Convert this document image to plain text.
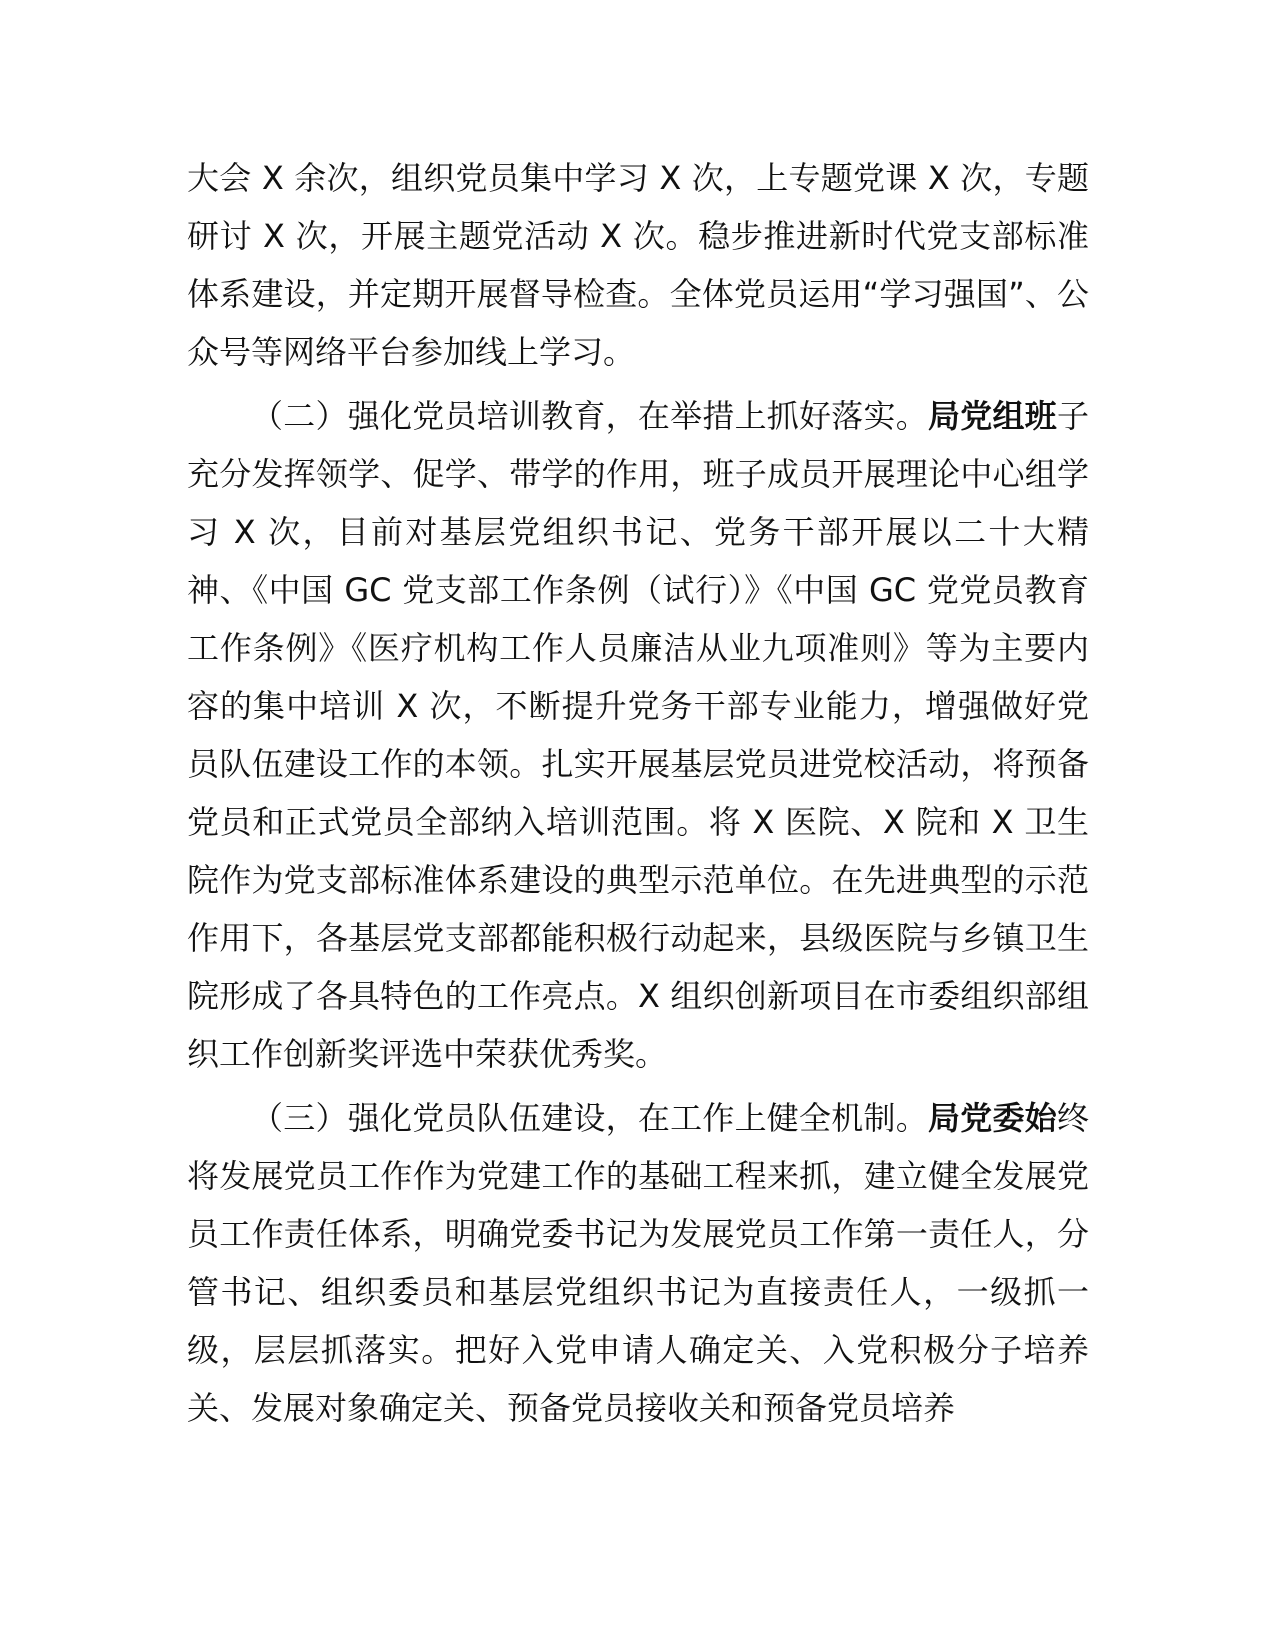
大会 X 余次，组织党员集中学习 X 次，上专题党课 X 次，专题研讨 X 次，开展主题党活动 X 次。稳步推进新时代党支部标准体系建设，并定期开展督导检查。全体党员运用“学习强国”、公众号等网络平台参加线上学习。

（二）强化党员培训教育，在举措上抓好落实。局党组班子充分发挥领学、促学、带学的作用，班子成员开展理论中心组学习 X 次，目前对基层党组织书记、党务干部开展以二十大精神、《中国 GC 党支部工作条例（试行）》《中国 GC 党党员教育工作条例》《医疗机构工作人员廉洁从业九项准则》等为主要内容的集中培训 X 次，不断提升党务干部专业能力，增强做好党员队伍建设工作的本领。扎实开展基层党员进党校活动，将预备党员和正式党员全部纳入培训范围。将 X 医院、X 院和 X 卫生院作为党支部标准体系建设的典型示范单位。在先进典型的示范作用下，各基层党支部都能积极行动起来，县级医院与乡镇卫生院形成了各具特色的工作亮点。X 组织创新项目在市委组织部组织工作创新奖评选中荣获优秀奖。

（三）强化党员队伍建设，在工作上健全机制。局党委始终将发展党员工作作为党建工作的基础工程来抓，建立健全发展党员工作责任体系，明确党委书记为发展党员工作第一责任人，分管书记、组织委员和基层党组织书记为直接责任人，一级抓一级，层层抓落实。把好入党申请人确定关、入党积极分子培养关、发展对象确定关、预备党员接收关和预备党员培养
